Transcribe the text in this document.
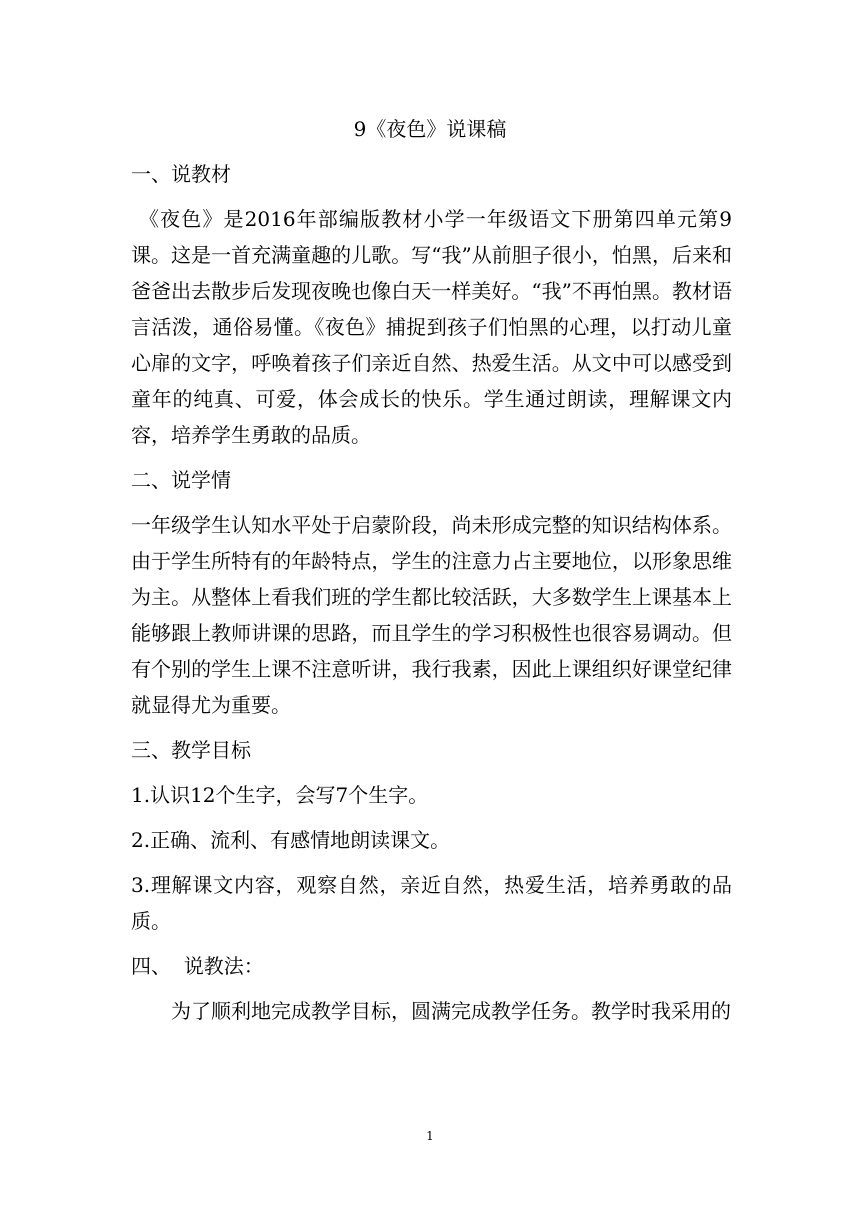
9《夜色》说课稿

一、说教材

《夜色》是2016年部编版教材小学一年级语文下册第四单元第9课。这是一首充满童趣的儿歌。写“我”从前胆子很小，怕黑，后来和爸爸出去散步后发现夜晚也像白天一样美好。“我”不再怕黑。教材语言活泼，通俗易懂。《夜色》捕捉到孩子们怕黑的心理，以打动儿童心扉的文字，呼唤着孩子们亲近自然、热爱生活。从文中可以感受到童年的纯真、可爱，体会成长的快乐。学生通过朗读，理解课文内容，培养学生勇敢的品质。

二、说学情

一年级学生认知水平处于启蒙阶段，尚未形成完整的知识结构体系。由于学生所特有的年龄特点，学生的注意力占主要地位，以形象思维为主。从整体上看我们班的学生都比较活跃，大多数学生上课基本上能够跟上教师讲课的思路，而且学生的学习积极性也很容易调动。但有个别的学生上课不注意听讲，我行我素，因此上课组织好课堂纪律就显得尤为重要。

三、教学目标

1.认识12个生字，会写7个生字。

2.正确、流利、有感情地朗读课文。

3.理解课文内容，观察自然，亲近自然，热爱生活，培养勇敢的品质。

四、  说教法：

为了顺利地完成教学目标，圆满完成教学任务。教学时我采用的

1
